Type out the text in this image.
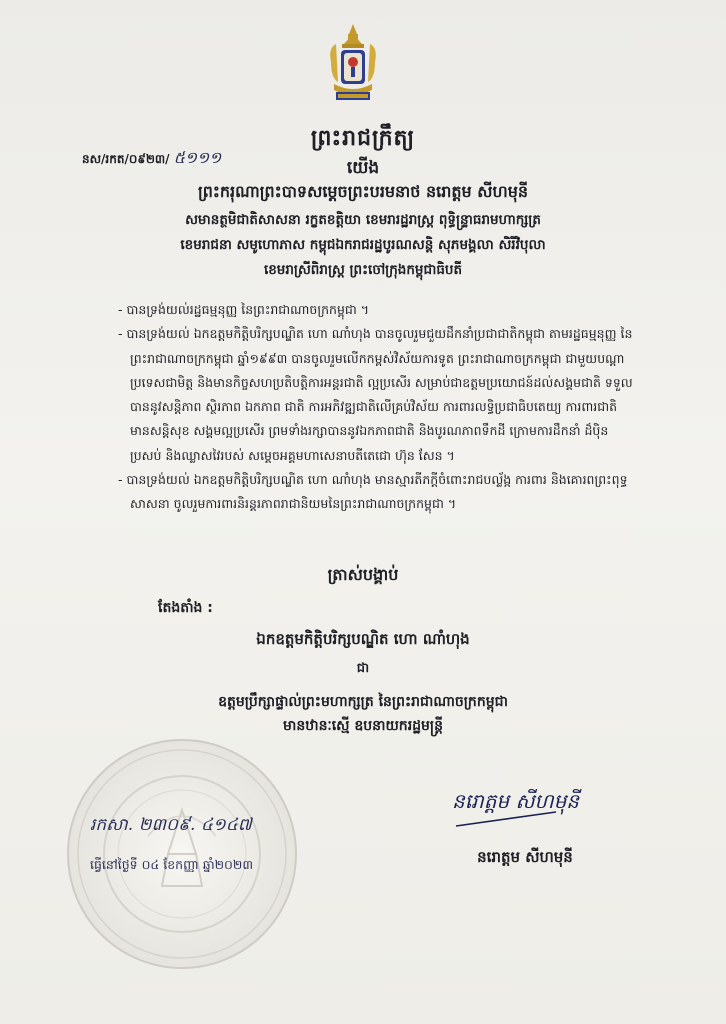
នស/រកត/០៩២៣/ ៥១១១
ព្រះរាជក្រឹត្យ
យើង
ព្រះករុណាព្រះបាទសម្ដេចព្រះបរមនាថ នរោត្តម សីហមុនី
សមានត្ថមិជាតិសាសនា រក្ខតខត្តិយា ខេមរារដ្ឋរាស្ត្រ ពុទ្ធិន្ទ្រាធរាមហាក្សត្រ
ខេមរាជនា សមូហោភាស កម្ពុជឯករាជរដ្ឋបូរណសន្តិ សុភមង្គលា សិរីវិបុលា
ខេមរាស្រីពិរាស្ត្រ ព្រះចៅក្រុងកម្ពុជាធិបតី

- បានទ្រង់យល់រដ្ឋធម្មនុញ្ញ នៃព្រះរាជាណាចក្រកម្ពុជា ។

- បានទ្រង់យល់ ឯកឧត្តមកិត្តិបរិក្សបណ្ឌិត ហោ ណាំហុង បានចូលរួមជួយដឹកនាំប្រជាជាតិកម្ពុជា តាមរដ្ឋធម្មនុញ្ញ នៃព្រះរាជាណាចក្រកម្ពុជា ឆ្នាំ១៩៩៣ បានចូលរួមលើកកម្ពស់វិស័យការទូត ព្រះរាជាណាចក្រកម្ពុជា ជាមួយបណ្ដាប្រទេសជាមិត្ត និងមានកិច្ចសហប្រតិបត្តិការអន្តរជាតិ ល្អប្រសើរ សម្រាប់ជាឧត្តមប្រយោជន៍ដល់សង្គមជាតិ ទទួលបាននូវសន្តិភាព ស្ថិរភាព ឯកភាព ជាតិ ការអភិវឌ្ឍជាតិលើគ្រប់វិស័យ ការពារលទ្ធិប្រជាធិបតេយ្យ ការពារជាតិ មានសន្តិសុខ សង្គមល្អប្រសើរ ព្រមទាំងរក្សាបាននូវឯកភាពជាតិ និងបូរណភាពទឹកដី ក្រោមការដឹកនាំ ដ៏ប៉ិនប្រសប់ និងឈ្លាសវៃរបស់ សម្ដេចអគ្គមហាសេនាបតីតេជោ ហ៊ុន សែន ។

- បានទ្រង់យល់ ឯកឧត្តមកិត្តិបរិក្សបណ្ឌិត ហោ ណាំហុង មានស្មារតីភក្ដីចំពោះរាជបល្ល័ង្ក ការពារ និងគោរពព្រះពុទ្ធសាសនា ចូលរួមការពារនិរន្តរភាពរាជានិយមនៃព្រះរាជាណាចក្រកម្ពុជា ។

ត្រាស់បង្គាប់
តែងតាំង :
ឯកឧត្តមកិត្តិបរិក្សបណ្ឌិត ហោ ណាំហុង
ជា
ឧត្តមប្រឹក្សាផ្ទាល់ព្រះមហាក្សត្រ នៃព្រះរាជាណាចក្រកម្ពុជា
មានឋានៈស្មើ ឧបនាយករដ្ឋមន្ត្រី
រកសា. ២៣០៩. ៤១៤៧
ធ្វើនៅថ្ងៃទី ០៤ ខែកញ្ញា ឆ្នាំ២០២៣
នរោត្តម សីហមុនី
នរោត្តម សីហមុនី
